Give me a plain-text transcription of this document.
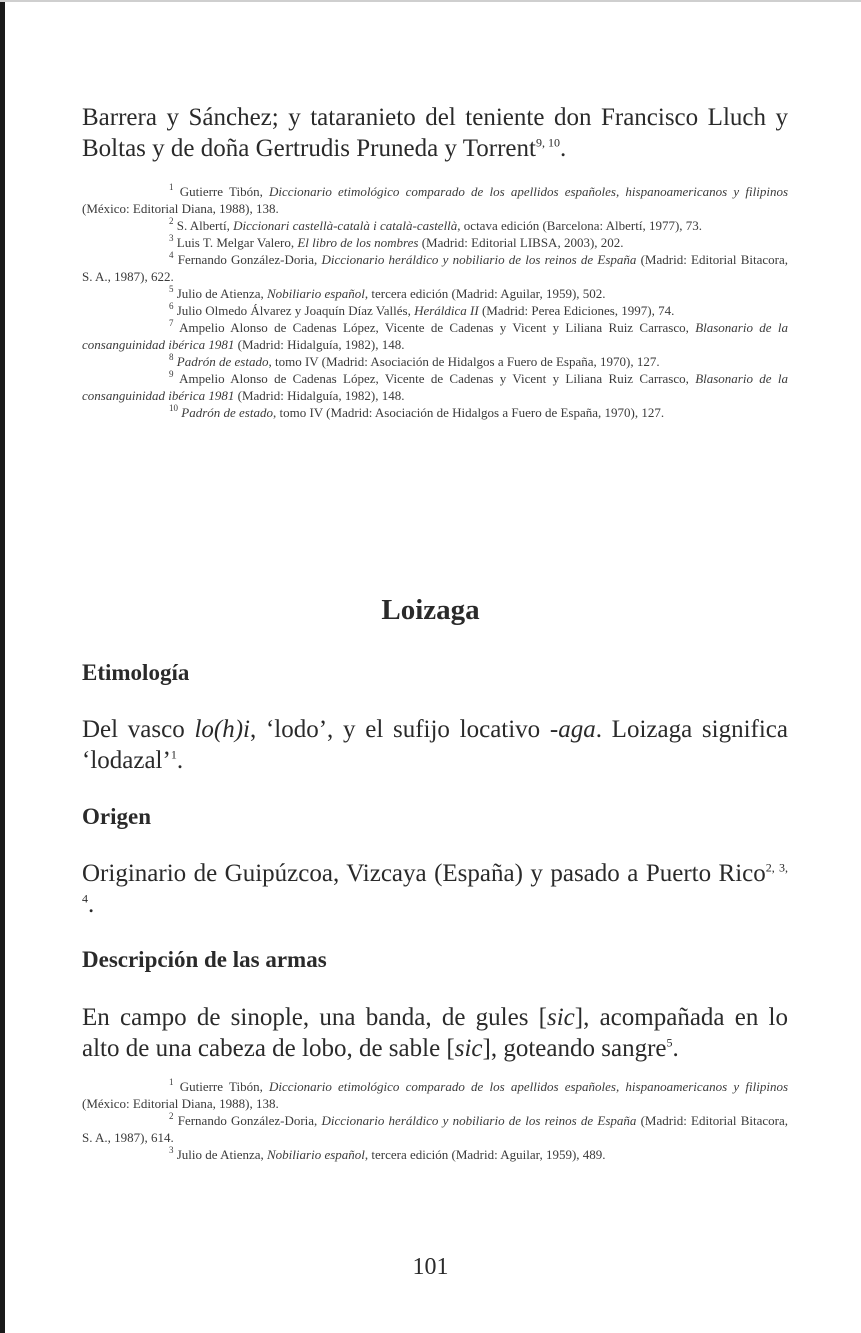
Barrera y Sánchez; y tataranieto del teniente don Francisco Lluch y Boltas y de doña Gertrudis Pruneda y Torrent$^{9, 10}$.
$^1$ Gutierre Tibón, Diccionario etimológico comparado de los apellidos españoles, hispanoamericanos y filipinos (México: Editorial Diana, 1988), 138.
$^2$ S. Albertí, Diccionari castellà-català i català-castellà, octava edición (Barcelona: Albertí, 1977), 73.
$^3$ Luis T. Melgar Valero, El libro de los nombres (Madrid: Editorial LIBSA, 2003), 202.
$^4$ Fernando González-Doria, Diccionario heráldico y nobiliario de los reinos de España (Madrid: Editorial Bitacora, S. A., 1987), 622.
$^5$ Julio de Atienza, Nobiliario español, tercera edición (Madrid: Aguilar, 1959), 502.
$^6$ Julio Olmedo Álvarez y Joaquín Díaz Vallés, Heráldica II (Madrid: Perea Ediciones, 1997), 74.
$^7$ Ampelio Alonso de Cadenas López, Vicente de Cadenas y Vicent y Liliana Ruiz Carrasco, Blasonario de la consanguinidad ibérica 1981 (Madrid: Hidalguía, 1982), 148.
$^8$ Padrón de estado, tomo IV (Madrid: Asociación de Hidalgos a Fuero de España, 1970), 127.
$^9$ Ampelio Alonso de Cadenas López, Vicente de Cadenas y Vicent y Liliana Ruiz Carrasco, Blasonario de la consanguinidad ibérica 1981 (Madrid: Hidalguía, 1982), 148.
$^{10}$ Padrón de estado, tomo IV (Madrid: Asociación de Hidalgos a Fuero de España, 1970), 127.
Loizaga
Etimología
Del vasco lo(h)i, ‘lodo’, y el sufijo locativo -aga. Loizaga significa ‘lodazal’$^1$.
Origen
Originario de Guipúzcoa, Vizcaya (España) y pasado a Puerto Rico$^{2, 3, 4}$.
Descripción de las armas
En campo de sinople, una banda, de gules [sic], acompañada en lo alto de una cabeza de lobo, de sable [sic], goteando sangre$^5$.
$^1$ Gutierre Tibón, Diccionario etimológico comparado de los apellidos españoles, hispanoamericanos y filipinos (México: Editorial Diana, 1988), 138.
$^2$ Fernando González-Doria, Diccionario heráldico y nobiliario de los reinos de España (Madrid: Editorial Bitacora, S. A., 1987), 614.
$^3$ Julio de Atienza, Nobiliario español, tercera edición (Madrid: Aguilar, 1959), 489.
101
